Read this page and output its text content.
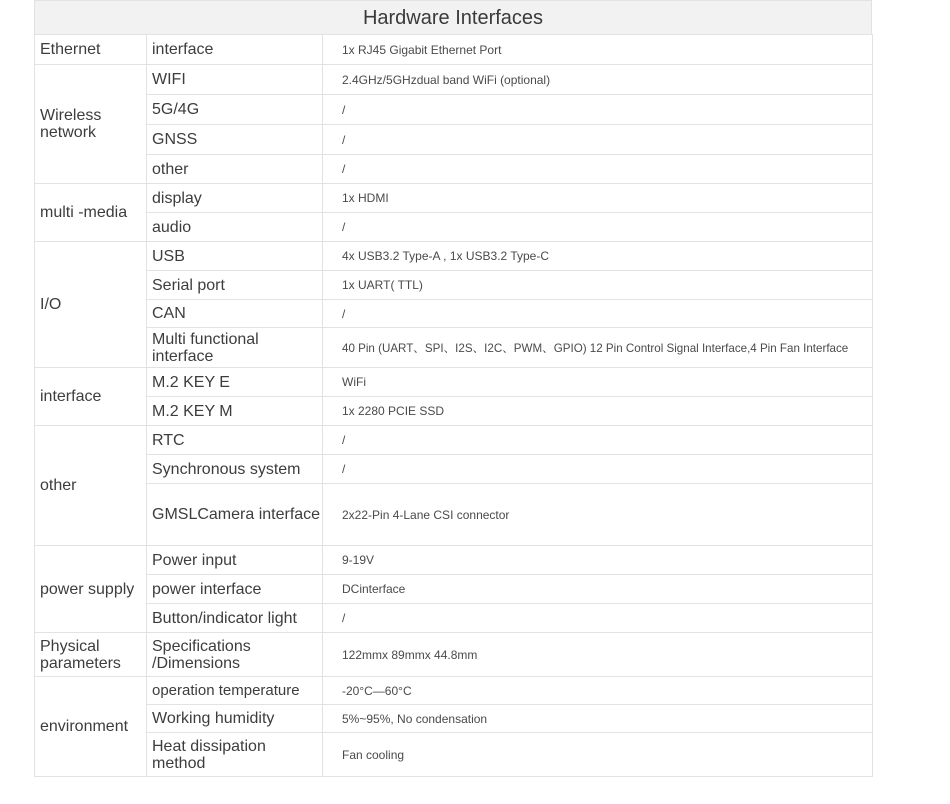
Hardware Interfaces
Ethernet	interface	1x RJ45 Gigabit Ethernet Port
Wireless network	WIFI	2.4GHz/5GHzdual band WiFi (optional)
	5G/4G	/
	GNSS	/
	other	/
multi -media	display	1x HDMI
	audio	/
I/O	USB	4x USB3.2 Type-A , 1x USB3.2 Type-C
	Serial port	1x UART( TTL)
	CAN	/
	Multi functional interface	40 Pin (UART、SPI、I2S、I2C、PWM、GPIO) 12 Pin Control Signal Interface,4 Pin Fan Interface
interface	M.2 KEY E	WiFi
	M.2 KEY M	1x 2280 PCIE SSD
other	RTC	/
	Synchronous system	/
	GMSLCamera interface	2x22-Pin 4-Lane CSI connector
power supply	Power input	9-19V
	power interface	DCinterface
	Button/indicator light	/
Physical parameters	Specifications /Dimensions	122mmx 89mmx 44.8mm
environment	operation temperature	-20°C—60°C
	Working humidity	5%~95%, No condensation
	Heat dissipation method	Fan cooling
